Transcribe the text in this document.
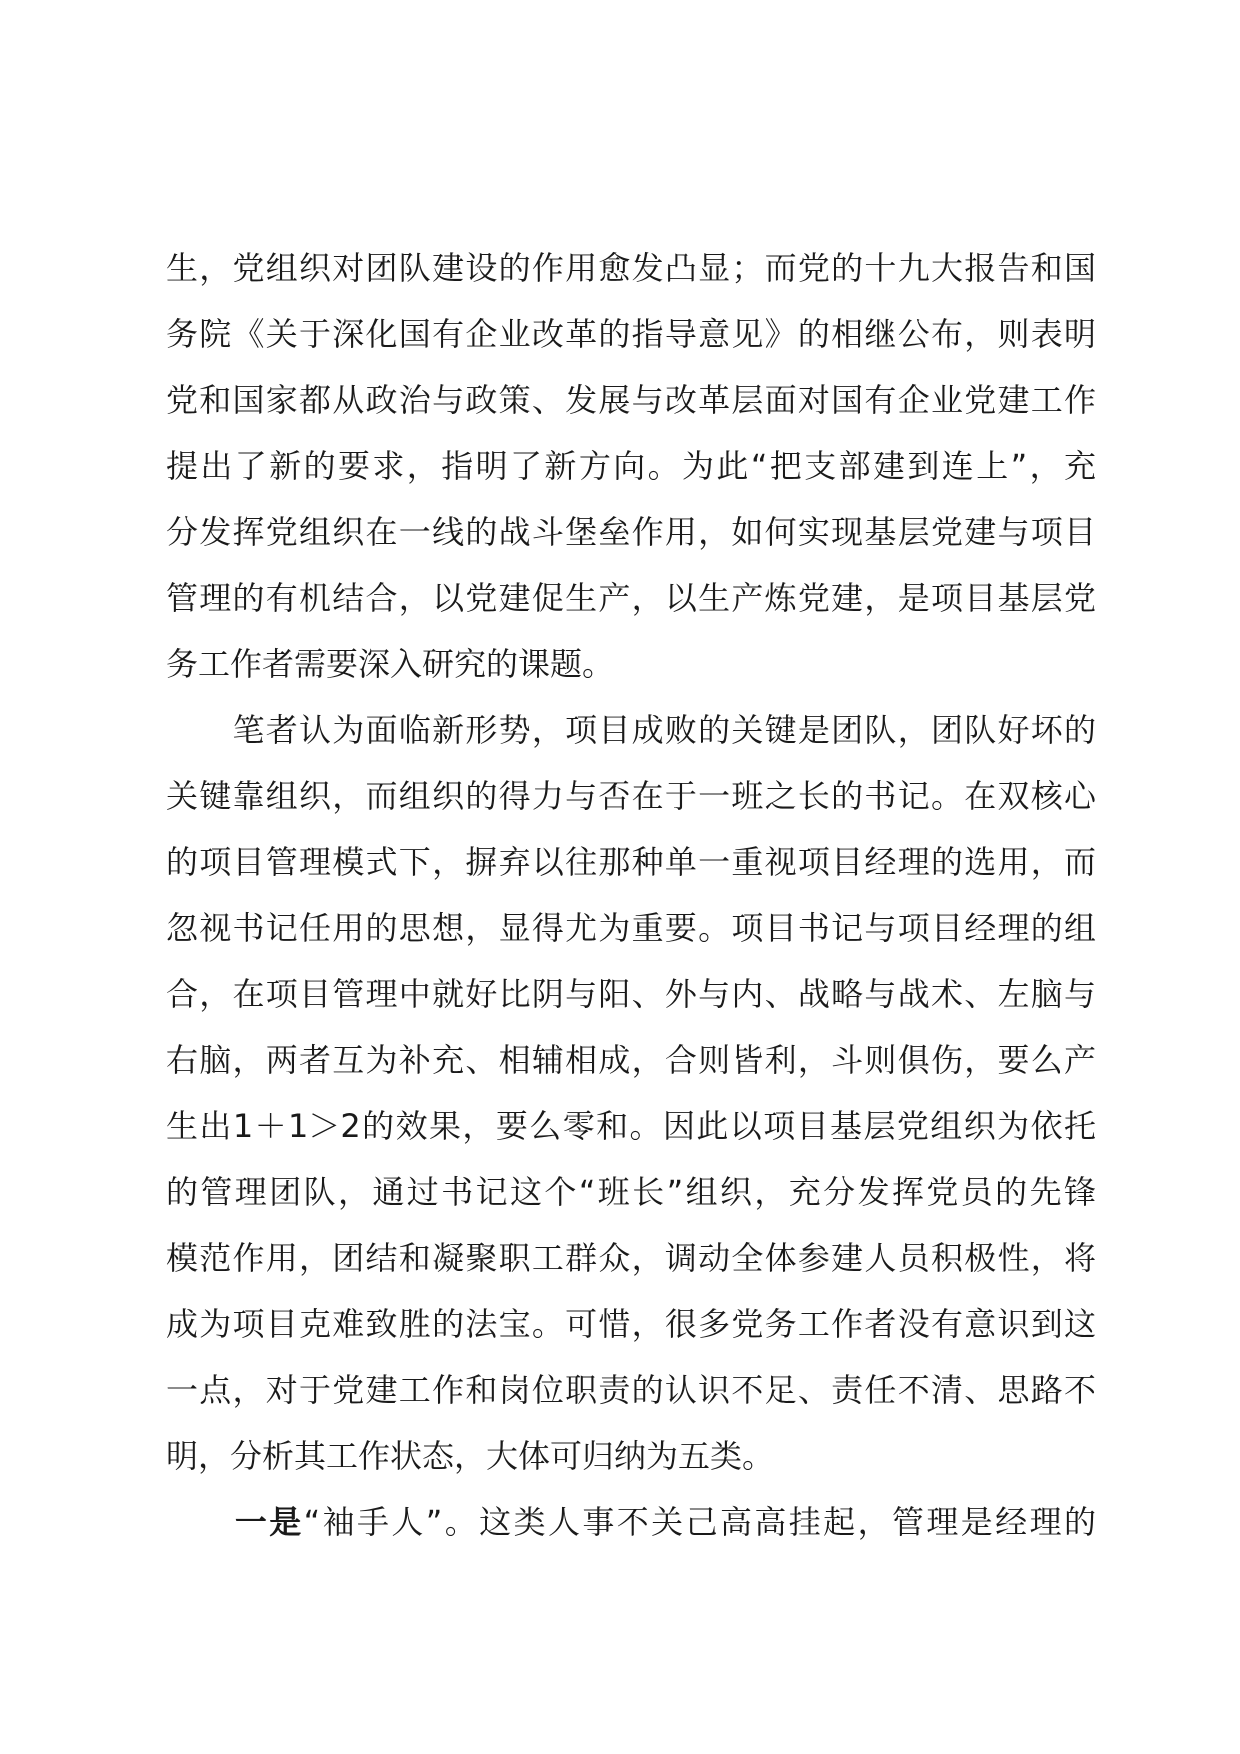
生，党组织对团队建设的作用愈发凸显；而党的十九大报告和国
务院《关于深化国有企业改革的指导意见》的相继公布，则表明
党和国家都从政治与政策、发展与改革层面对国有企业党建工作
提出了新的要求，指明了新方向。为此“把支部建到连上”，充
分发挥党组织在一线的战斗堡垒作用，如何实现基层党建与项目
管理的有机结合，以党建促生产，以生产炼党建，是项目基层党
务工作者需要深入研究的课题。
　　笔者认为面临新形势，项目成败的关键是团队，团队好坏的
关键靠组织，而组织的得力与否在于一班之长的书记。在双核心
的项目管理模式下，摒弃以往那种单一重视项目经理的选用，而
忽视书记任用的思想，显得尤为重要。项目书记与项目经理的组
合，在项目管理中就好比阴与阳、外与内、战略与战术、左脑与
右脑，两者互为补充、相辅相成，合则皆利，斗则俱伤，要么产
生出1＋1＞2的效果，要么零和。因此以项目基层党组织为依托
的管理团队，通过书记这个“班长”组织，充分发挥党员的先锋
模范作用，团结和凝聚职工群众，调动全体参建人员积极性，将
成为项目克难致胜的法宝。可惜，很多党务工作者没有意识到这
一点，对于党建工作和岗位职责的认识不足、责任不清、思路不
明，分析其工作状态，大体可归纳为五类。
　　一是“袖手人”。这类人事不关己高高挂起，管理是经理的
